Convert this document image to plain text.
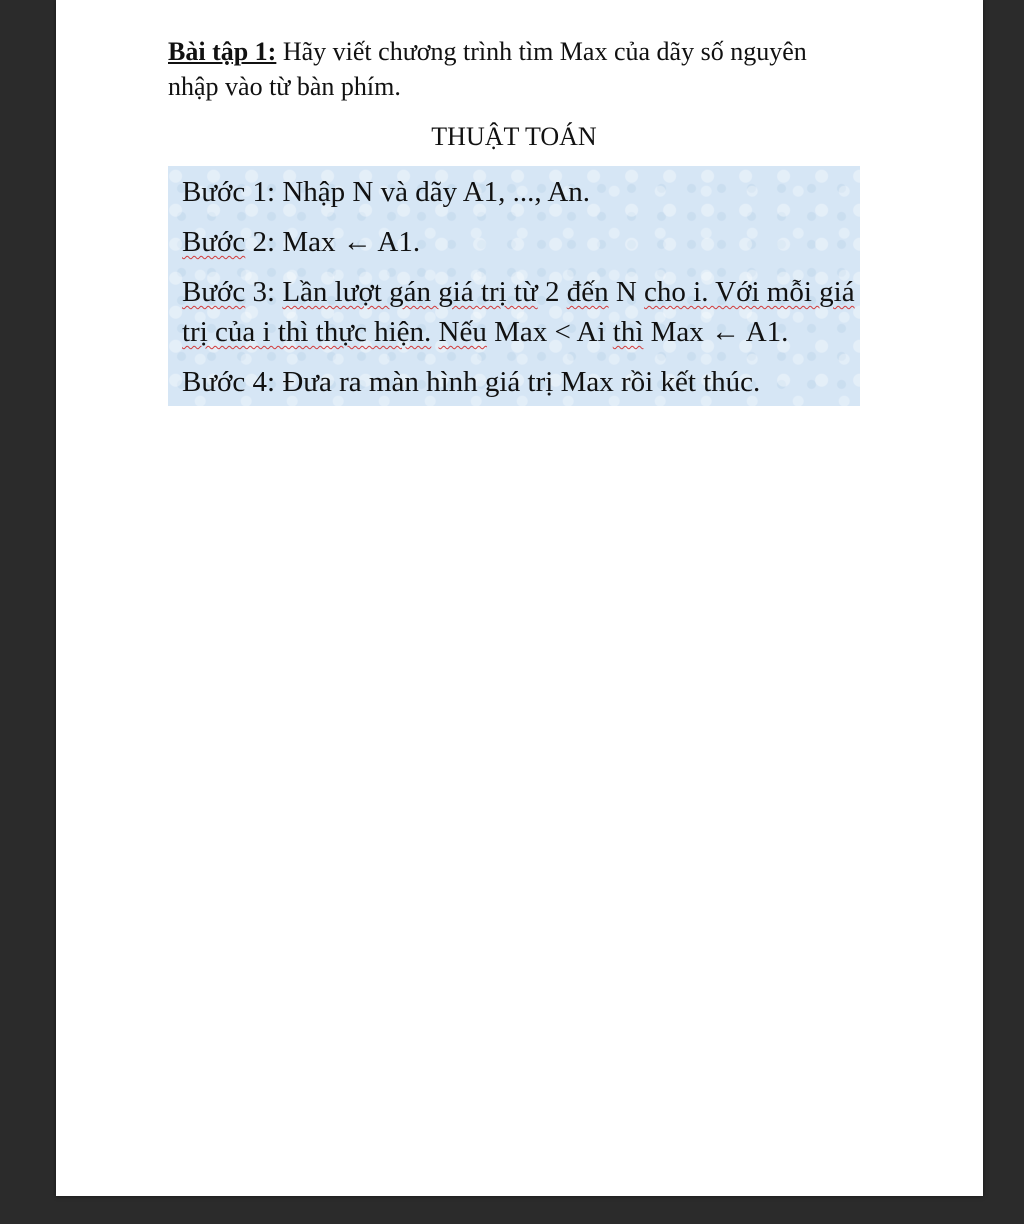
Bài tập 1: Hãy viết chương trình tìm Max của dãy số nguyên nhập vào từ bàn phím.

THUẬT TOÁN

Bước 1: Nhập N và dãy A1, ..., An.

Bước 2: Max ← A1.

Bước 3: Lần lượt gán giá trị từ 2 đến N cho i. Với mỗi giá trị của i thì thực hiện. Nếu Max < Ai thì Max ← A1.

Bước 4: Đưa ra màn hình giá trị Max rồi kết thúc.
